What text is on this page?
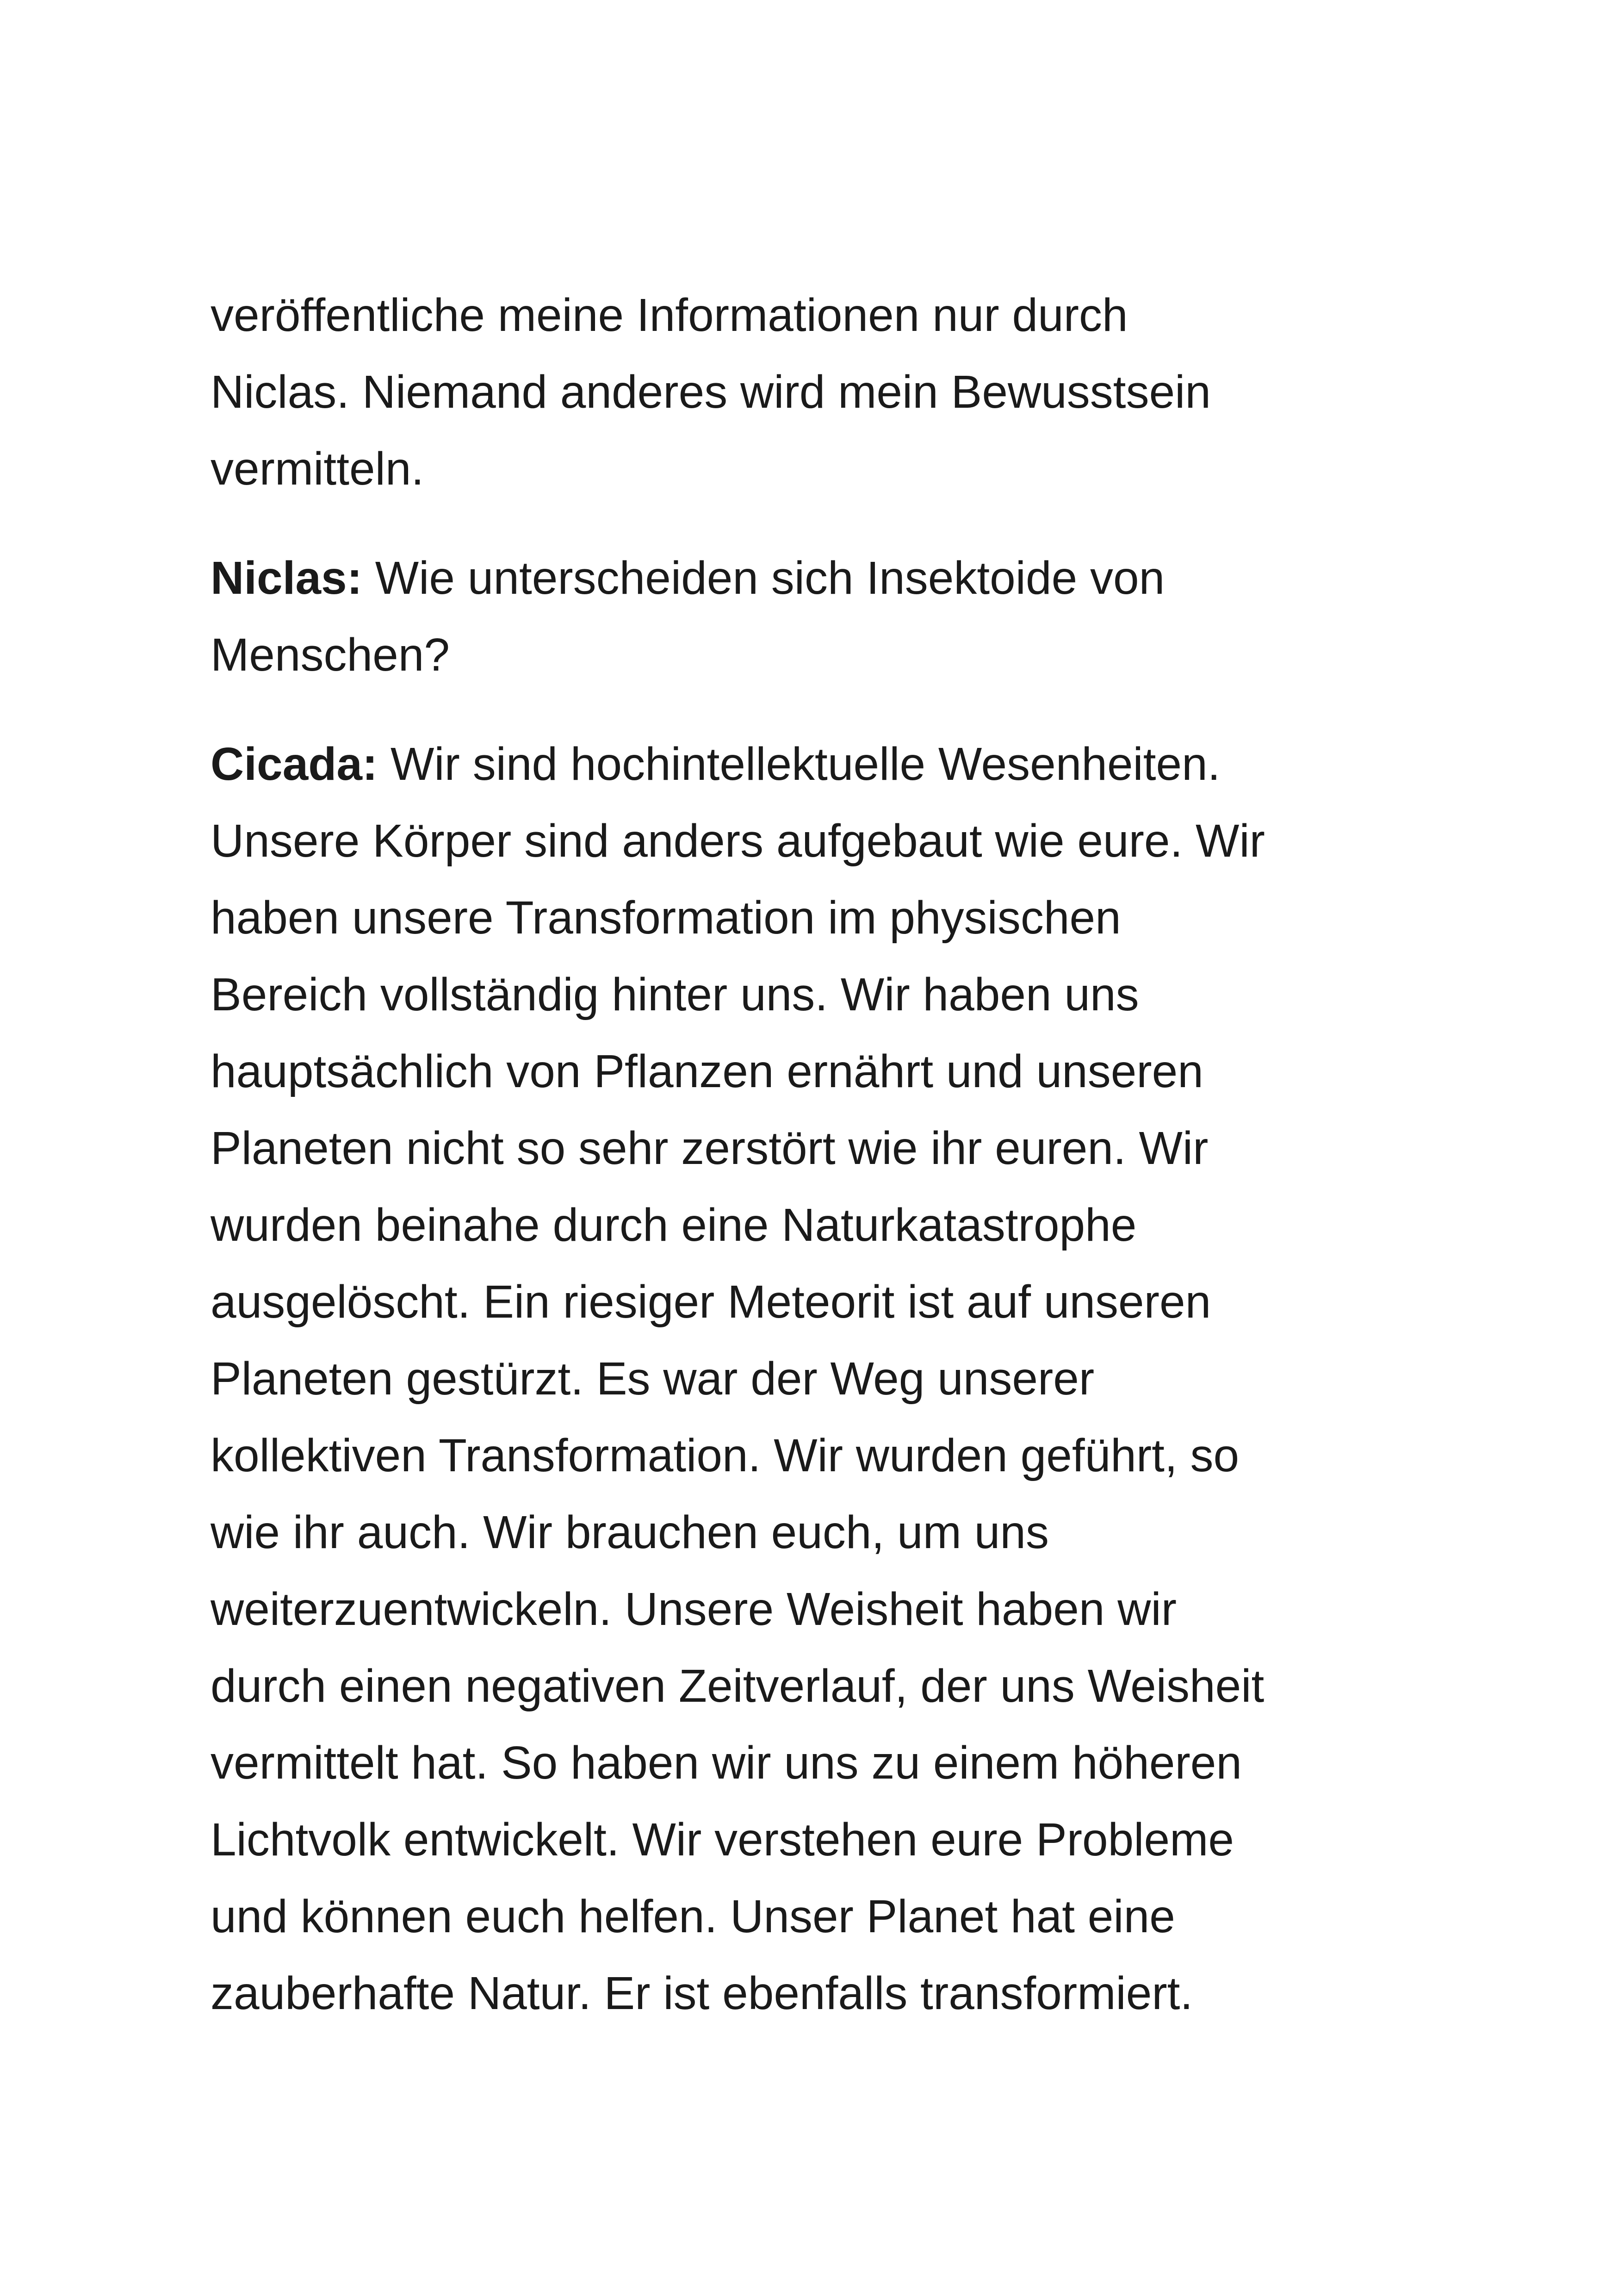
veröffentliche meine Informationen nur durch
Niclas. Niemand anderes wird mein Bewusstsein
vermitteln.

Niclas: Wie unterscheiden sich Insektoide von
Menschen?

Cicada: Wir sind hochintellektuelle Wesenheiten.
Unsere Körper sind anders aufgebaut wie eure. Wir
haben unsere Transformation im physischen
Bereich vollständig hinter uns. Wir haben uns
hauptsächlich von Pflanzen ernährt und unseren
Planeten nicht so sehr zerstört wie ihr euren. Wir
wurden beinahe durch eine Naturkatastrophe
ausgelöscht. Ein riesiger Meteorit ist auf unseren
Planeten gestürzt. Es war der Weg unserer
kollektiven Transformation. Wir wurden geführt, so
wie ihr auch. Wir brauchen euch, um uns
weiterzuentwickeln. Unsere Weisheit haben wir
durch einen negativen Zeitverlauf, der uns Weisheit
vermittelt hat. So haben wir uns zu einem höheren
Lichtvolk entwickelt. Wir verstehen eure Probleme
und können euch helfen. Unser Planet hat eine
zauberhafte Natur. Er ist ebenfalls transformiert.
